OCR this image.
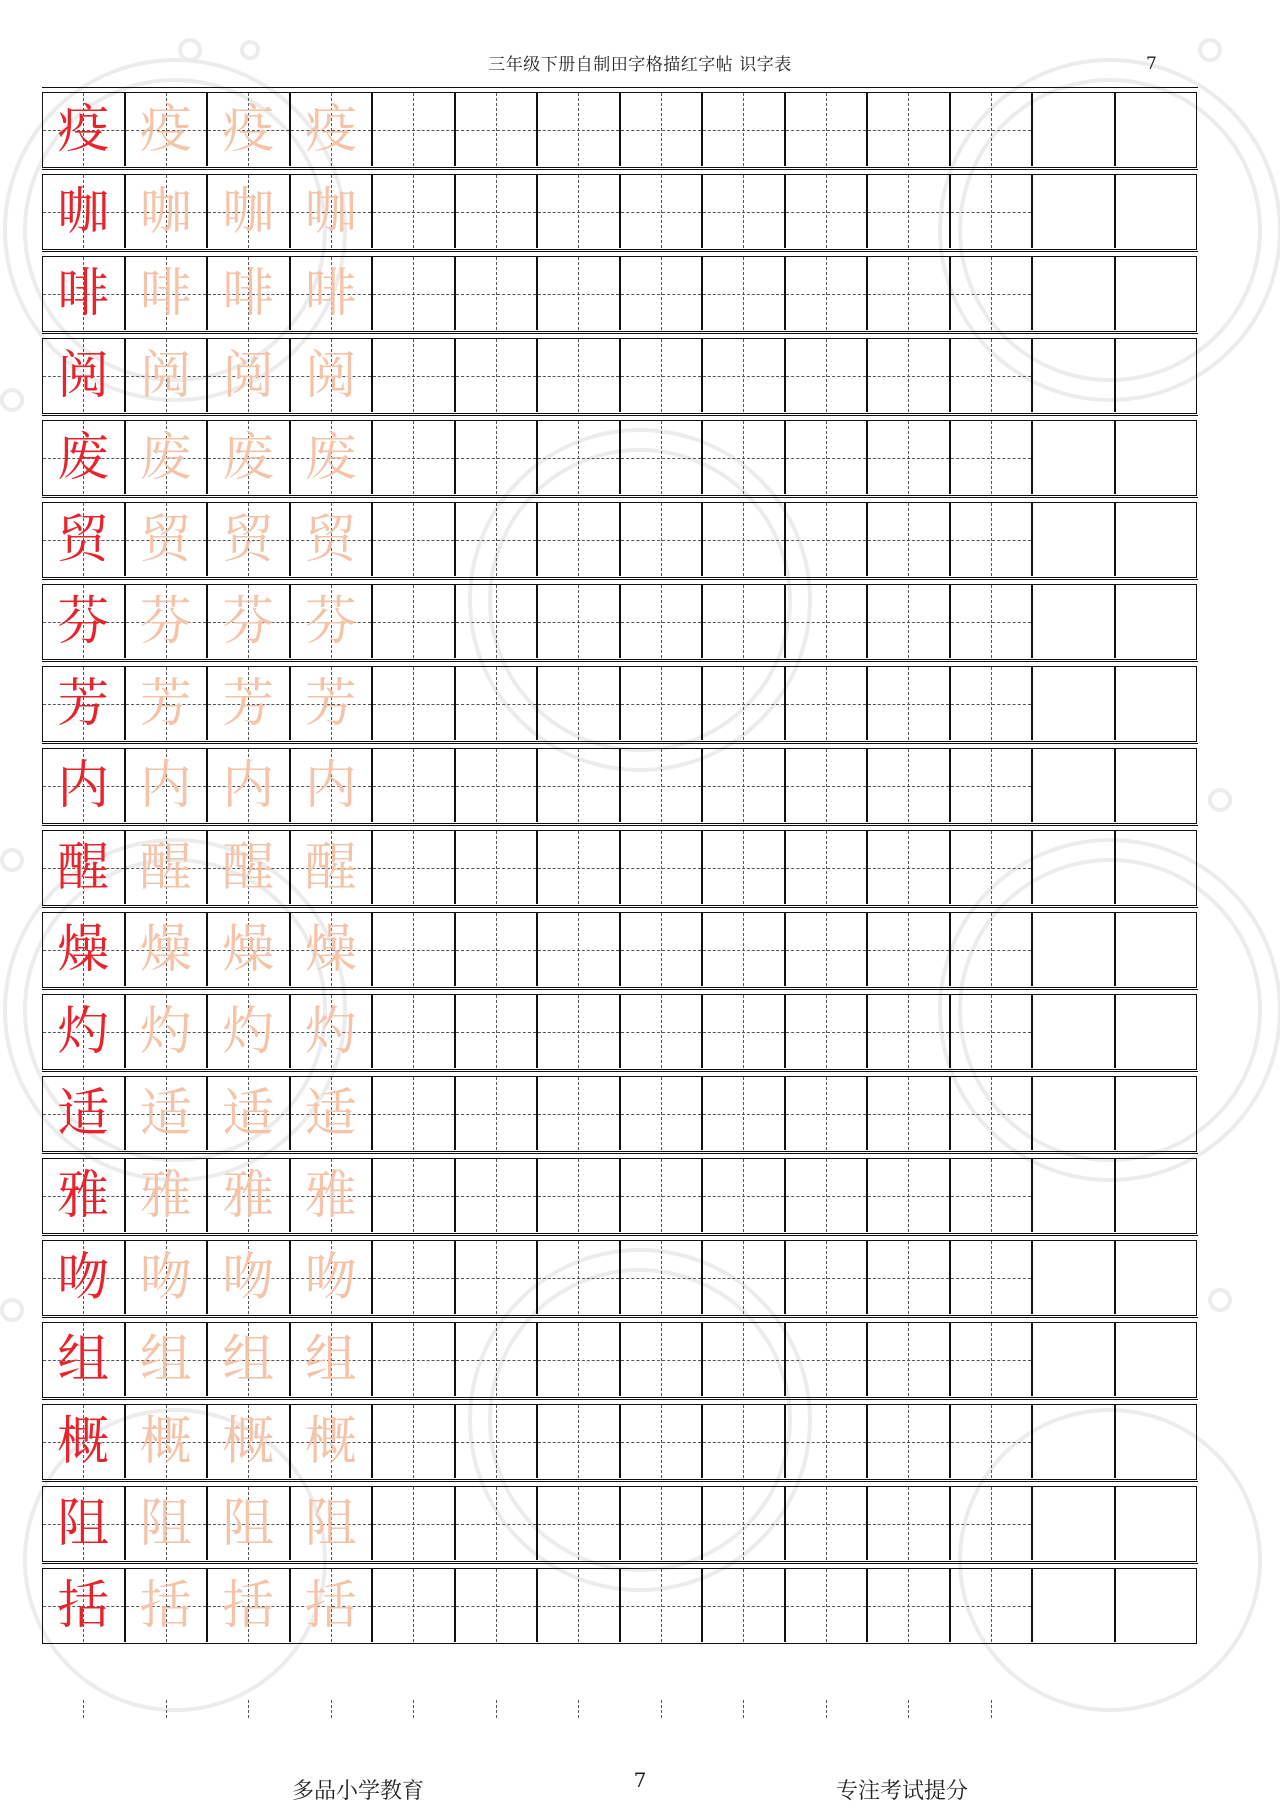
三年级下册自制田字格描红字帖 识字表	7
疫 疫 疫 疫
咖 咖 咖 咖
啡 啡 啡 啡
阅 阅 阅 阅
废 废 废 废
贸 贸 贸 贸
芬 芬 芬 芬
芳 芳 芳 芳
内 内 内 内
醒 醒 醒 醒
燥 燥 燥 燥
灼 灼 灼 灼
适 适 适 适
雅 雅 雅 雅
吻 吻 吻 吻
组 组 组 组
概 概 概 概
阻 阻 阻 阻
括 括 括 括
7
多品小学教育	专注考试提分
